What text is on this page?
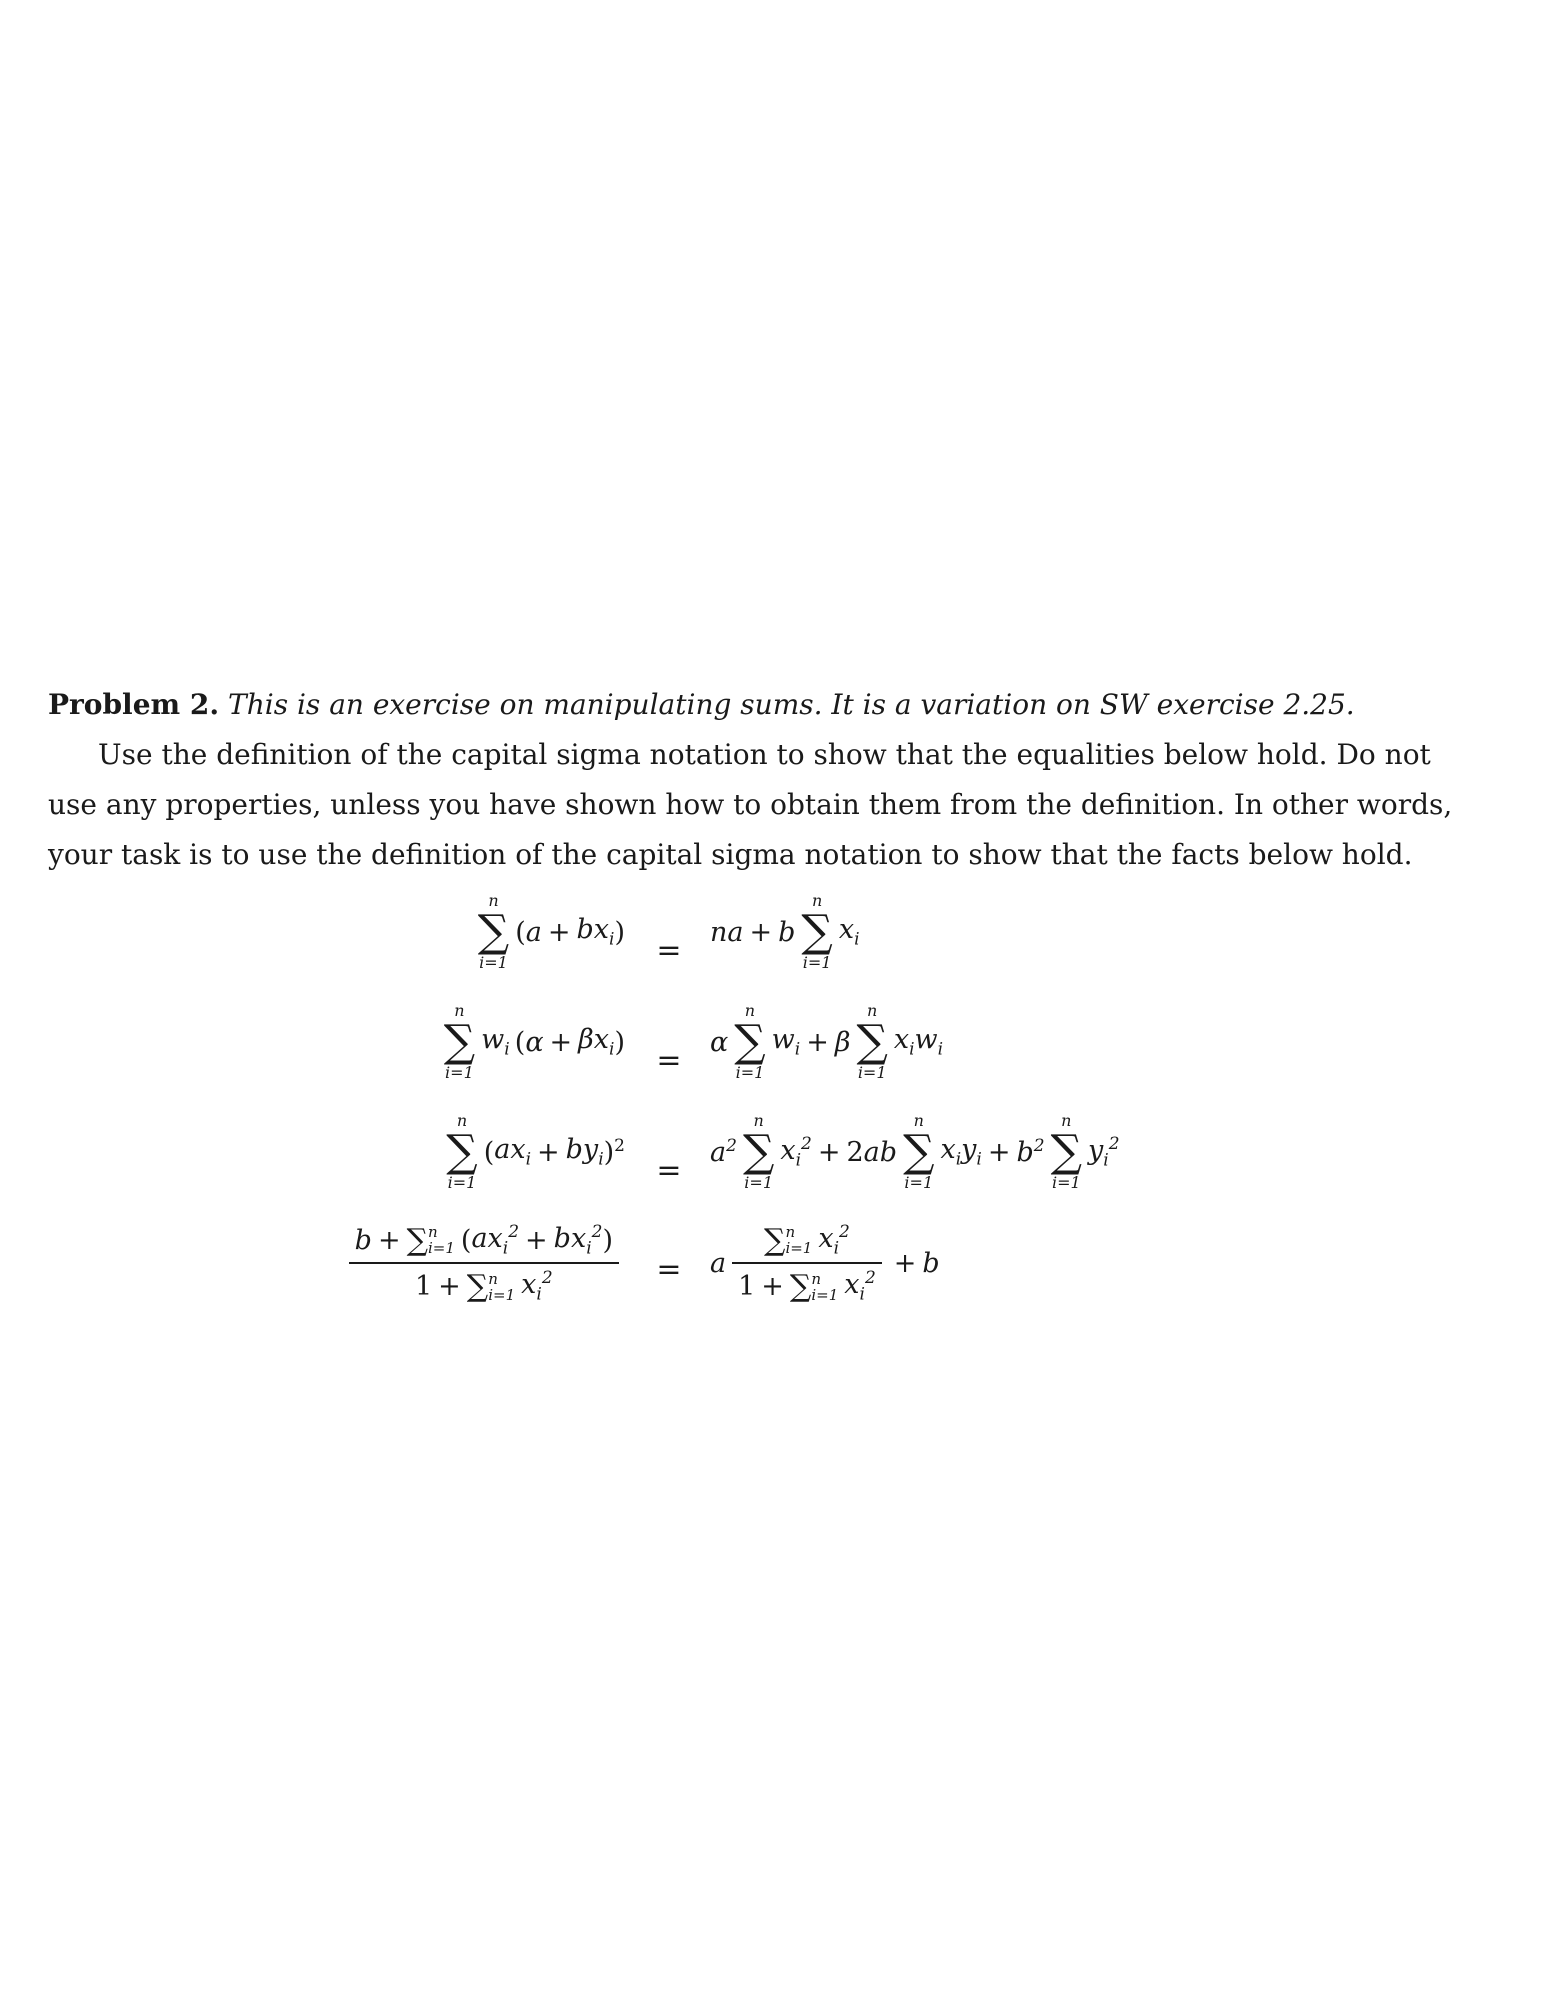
Problem 2. This is an exercise on manipulating sums. It is a variation on SW exercise 2.25.

Use the definition of the capital sigma notation to show that the equalities below hold. Do not use any properties, unless you have shown how to obtain them from the definition. In other words, your task is to use the definition of the capital sigma notation to show that the facts below hold.

n
∑
i=1
( $a + bx_i$ )
=
na + b
n
∑
i=1
$x_i$
n
∑
i=1
$w_i$
( $\alpha + \beta x_i$ )
=
α
n
∑
i=1
$w_i + \beta$
n
∑
i=1
$x_iw_i$
n
∑
i=1
( $ax_i + by_i$ )$^2$
=
$a^2$
n
∑
i=1
$x_i^2 + 2$ ab
n
∑
i=1
$x_iy_i + b^2$
n
∑
i=1
$y_i^2$
b + ∑ n
i=1 ( $ax_i^2 + bx_i^2$ )
1 + ∑ n
i=1 $x_i^2 = a$ ∑ n
i=1 $x_i^2$
1 + ∑ n
i=1 $x_i^2 + b$
